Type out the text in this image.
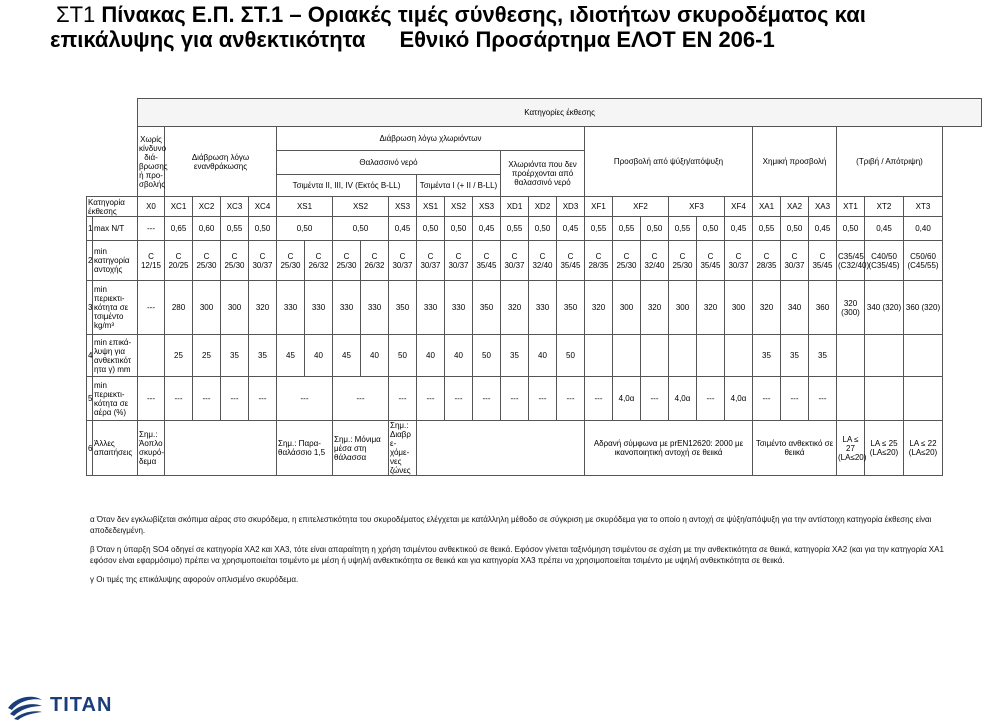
ΣΤ1 Πίνακας Ε.Π. ΣΤ.1 – Οριακές τιμές σύνθεσης, ιδιοτήτων σκυροδέματος και επικάλυψης για ανθεκτικότητα Εθνικό Προσάρτημα ΕΛΟΤ ΕΝ 206-1
		Κατηγορίες έκθεσης																											
		Χωρίς κίνδυνο διά-βρωσης ή προ-σβολής	Διάβρωση λόγω ενανθράκωσης				Διάβρωση λόγω χλωριόντων											Προσβολή από ψύξη/απόψυξη						Χημική προσβολή			(Τριβή / Απότριψη)		
							Θαλασσινό νερό								Χλωριόντα που δεν προέρχονται από θαλασσινό νερό														
							Τσιμέντα II, III, IV (Εκτός B-LL)					Τσιμέντα I (+ II / B-LL)																	
Κατηγορία έκθεσης		X0	XC1	XC2	XC3	XC4	XS1		XS2		XS3	XS1	XS2	XS3	XD1	XD2	XD3	XF1	XF2		XF3		XF4	XA1	XA2	XA3	XT1	XT2	XT3
1	max N/T	---	0,65	0,60	0,55	0,50	0,50		0,50		0,45	0,50	0,50	0,45	0,55	0,50	0,45	0,55	0,55	0,50	0,55	0,50	0,45	0,55	0,50	0,45	0,50	0,45	0,40
2	min κατηγορία αντοχής	C 12/15	C 20/25	C 25/30	C 25/30	C 30/37	C 25/30	C 26/32	C 25/30	C 26/32	C 30/37	C 30/37	C 30/37	C 35/45	C 30/37	C 32/40	C 35/45	C 28/35	C 25/30	C 32/40	C 25/30	C 35/45	C 30/37	C 28/35	C 30/37	C 35/45	C35/45 (C32/40)	C40/50 (C35/45)	C50/60 (C45/55)
3	min περιεκτι-κότητα σε τσιμέντο kg/m³	---	280	300	300	320	330	330	330	330	350	330	330	350	320	330	350	320	300	320	300	320	300	320	340	360	320 (300)	340 (320)	360 (320)
4	min επικά-λυψη για ανθεκτικότ ητα γ) mm		25	25	35	35	45	40	45	40	50	40	40	50	35	40	50							35	35	35			
5	min περιεκτι-κότητα σε αέρα (%)	---	---	---	---	---	---		---		---	---	---	---	---	---	---	---	4,0α	---	4,0α	---	4,0α	---	---	---			
6	Άλλες απαιτήσεις	Σημ.: Άοπλο σκυρό-δεμα					Σημ.: Παρα-θαλάσσιο 1,5		Σημ.: Μόνιμα μέσα στη θάλασσα		Σημ.: Διαβρ ε-χόμε-νες ζώνες							Αδρανή σύμφωνα με prEN12620: 2000 με ικανοποιητική αντοχή σε θειικά						Τσιμέντο ανθεκτικό σε θειικά			LA ≤ 27 (LA≤20)	LA ≤ 25 (LA≤20)	LA ≤ 22 (LA≤20)

α Όταν δεν εγκλωβίζεται σκόπιμα αέρας στο σκυρόδεμα, η επιτελεστικότητα του σκυροδέματος ελέγχεται με κατάλληλη μέθοδο σε σύγκριση με σκυρόδεμα για το οποίο η αντοχή σε ψύξη/απόψυξη για την αντίστοιχη κατηγορία έκθεσης είναι αποδεδειγμένη.

β Όταν η ύπαρξη SO4 οδηγεί σε κατηγορία XA2 και XA3, τότε είναι απαραίτητη η χρήση τσιμέντου ανθεκτικού σε θειικά. Εφόσον γίνεται ταξινόμηση τσιμέντου σε σχέση με την ανθεκτικότητα σε θειικά, κατηγορία XA2 (και για την κατηγορία XA1 εφόσον είναι εφαρμόσιμο) πρέπει να χρησιμοποιείται τσιμέντο με μέση ή υψηλή ανθεκτικότητα σε θειικά και για κατηγορία XA3 πρέπει να χρησιμοποιείται τσιμέντο με υψηλή ανθεκτικότητα σε θειικά.

γ Οι τιμές της επικάλυψης αφορούν οπλισμένο σκυρόδεμα.

TITAN
